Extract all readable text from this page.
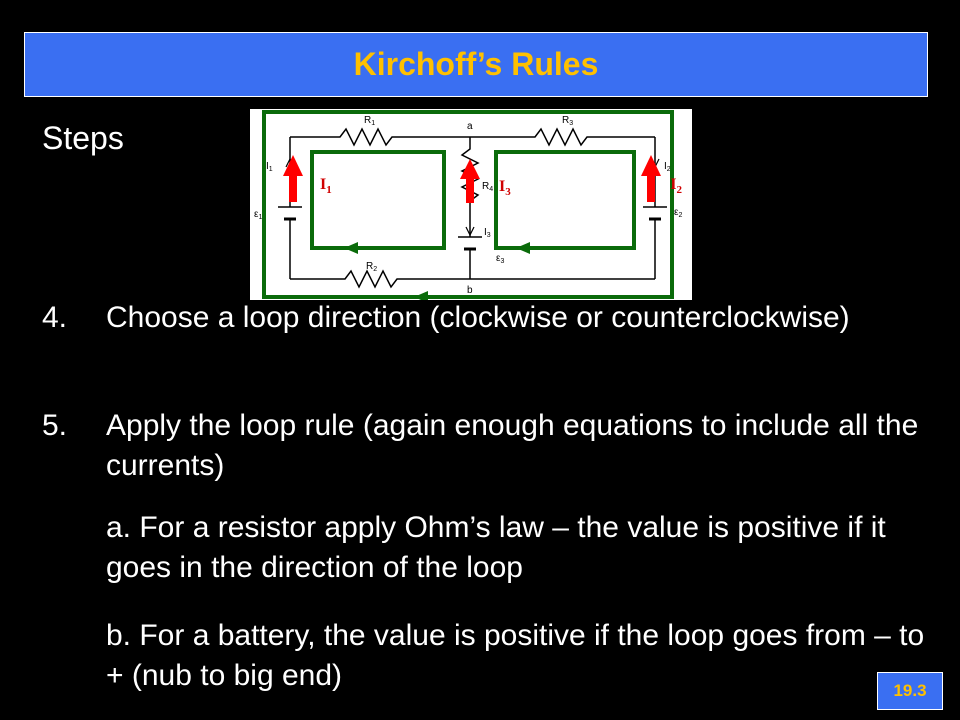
Kirchoff’s Rules
Steps	$R_1$	$R_3$
$R_2$
$R_4$
a
b
$I_1$	$I_2$
$I_3$
$\varepsilon_1$	$\varepsilon_2$
$\varepsilon_3$
$I_1$	$I_3$	$I_2$
4. Choose a loop direction (clockwise or counterclockwise)
5. Apply the loop rule (again enough equations to include all the currents)
a. For a resistor apply Ohm’s law – the value is positive if it goes in the direction of the loop
b. For a battery, the value is positive if the loop goes from – to + (nub to big end)	19.3
